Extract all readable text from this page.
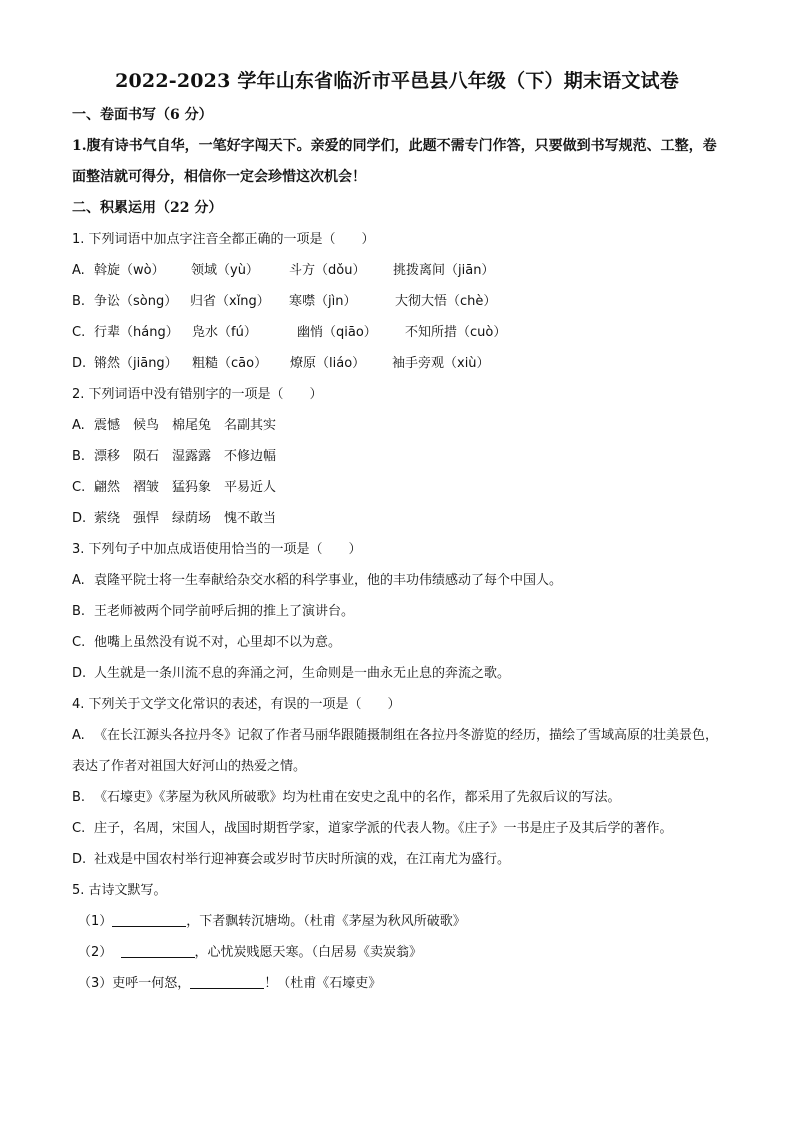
2022-2023 学年山东省临沂市平邑县八年级（下）期末语文试卷
一、卷面书写（6 分）
1.腹有诗书气自华，一笔好字闯天下。亲爱的同学们，此题不需专门作答，只要做到书写规范、工整，卷面整洁就可得分，相信你一定会珍惜这次机会！
二、积累运用（22 分）
1. 下列词语中加点字注音全都正确的一项是（　　）
A. 斡旋（wò） 领域（yù） 斗方（dǒu） 挑拨离间（jiān）
B. 争讼（sòng） 归省（xǐng） 寒噤（jìn）	大彻大悟（chè）
C. 行辈（háng） 凫水（fú）	幽悄（qiāo） 不知所措（cuò）
D. 锵然（jiāng） 粗糙（cāo） 燎原（liáo） 袖手旁观（xiù）
2. 下列词语中没有错别字的一项是（　　）
A. 震憾　候鸟　棉尾兔　名副其实
B. 漂移　陨石　湿露露　不修边幅
C. 翩然　褶皱　猛犸象　平易近人
D. 萦绕　强悍　绿荫场　愧不敢当
3. 下列句子中加点成语使用恰当的一项是（　　）
A. 袁隆平院士将一生奉献给杂交水稻的科学事业，他的丰功伟绩感动了每个中国人。
B. 王老师被两个同学前呼后拥的推上了演讲台。
C. 他嘴上虽然没有说不对，心里却不以为意。
D. 人生就是一条川流不息的奔涌之河，生命则是一曲永无止息的奔流之歌。
4. 下列关于文学文化常识的表述，有误的一项是（　　）
A. 《在长江源头各拉丹冬》记叙了作者马丽华跟随摄制组在各拉丹冬游览的经历，描绘了雪域高原的壮美景色，表达了作者对祖国大好河山的热爱之情。
B. 《石壕吏》《茅屋为秋风所破歌》均为杜甫在安史之乱中的名作，都采用了先叙后议的写法。
C. 庄子，名周，宋国人，战国时期哲学家，道家学派的代表人物。《庄子》一书是庄子及其后学的著作。
D. 社戏是中国农村举行迎神赛会或岁时节庆时所演的戏，在江南尤为盛行。
5. 古诗文默写。
（1）	，下者飘转沉塘坳。（杜甫《茅屋为秋风所破歌》
（2）	，心忧炭贱愿天寒。（白居易《卖炭翁》
（3）吏呼一何怒，	！（杜甫《石壕吏》
